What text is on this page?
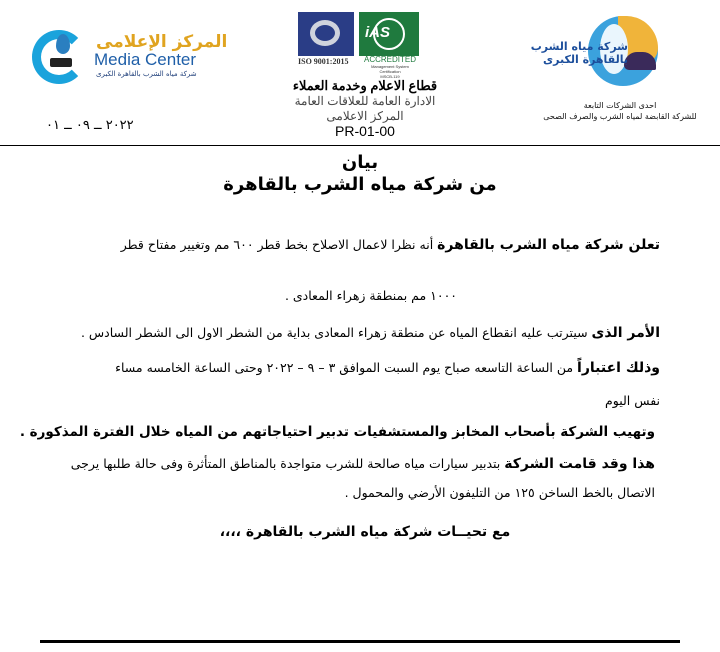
المركز الإعلامى
Media Center
شركة مياه الشرب بالقاهرة الكبرى
٢٠٢٢ ــ ٠٩ ــ ٠١
ISO 9001:2015
iAS
ACCREDITED
Management System
Certification
MSCB-119
قطاع الاعلام وخدمة العملاء
الادارة العامة للعلاقات العامة
المركز الاعلامى
PR-01-00
شركة مياه الشرب
بالقاهرة الكبرى
احدى الشركات التابعة
للشركة القابضة لمياه الشرب والصرف الصحى
بيان
من شركة مياه الشرب بالقاهرة
تعلن شركة مياه الشرب بالقاهرة أنه نظرا لاعمال الاصلاح بخط قطر ٦٠٠ مم وتغيير مفتاح قطر
١٠٠٠ مم بمنطقة زهراء المعادى .
الأمر الذى سيترتب عليه انقطاع المياه عن منطقة زهراء المعادى بداية من الشطر الاول الى الشطر السادس .
وذلك اعتباراً من الساعة التاسعه صباح يوم السبت الموافق ٣ – ٩ – ٢٠٢٢ وحتى الساعة الخامسه مساء
نفس اليوم
وتهيب الشركة بأصحاب المخابز والمستشفيات تدبير احتياجاتهم من المياه خلال الفترة المذكورة .
هذا وقد قامت الشركة بتدبير سيارات مياه صالحة للشرب متواجدة بالمناطق المتأثرة وفى حالة طلبها يرجى
الاتصال بالخط الساخن ١٢٥ من التليفون الأرضي والمحمول .
مع تحيــات شركة مياه الشرب بالقاهرة ،،،،
